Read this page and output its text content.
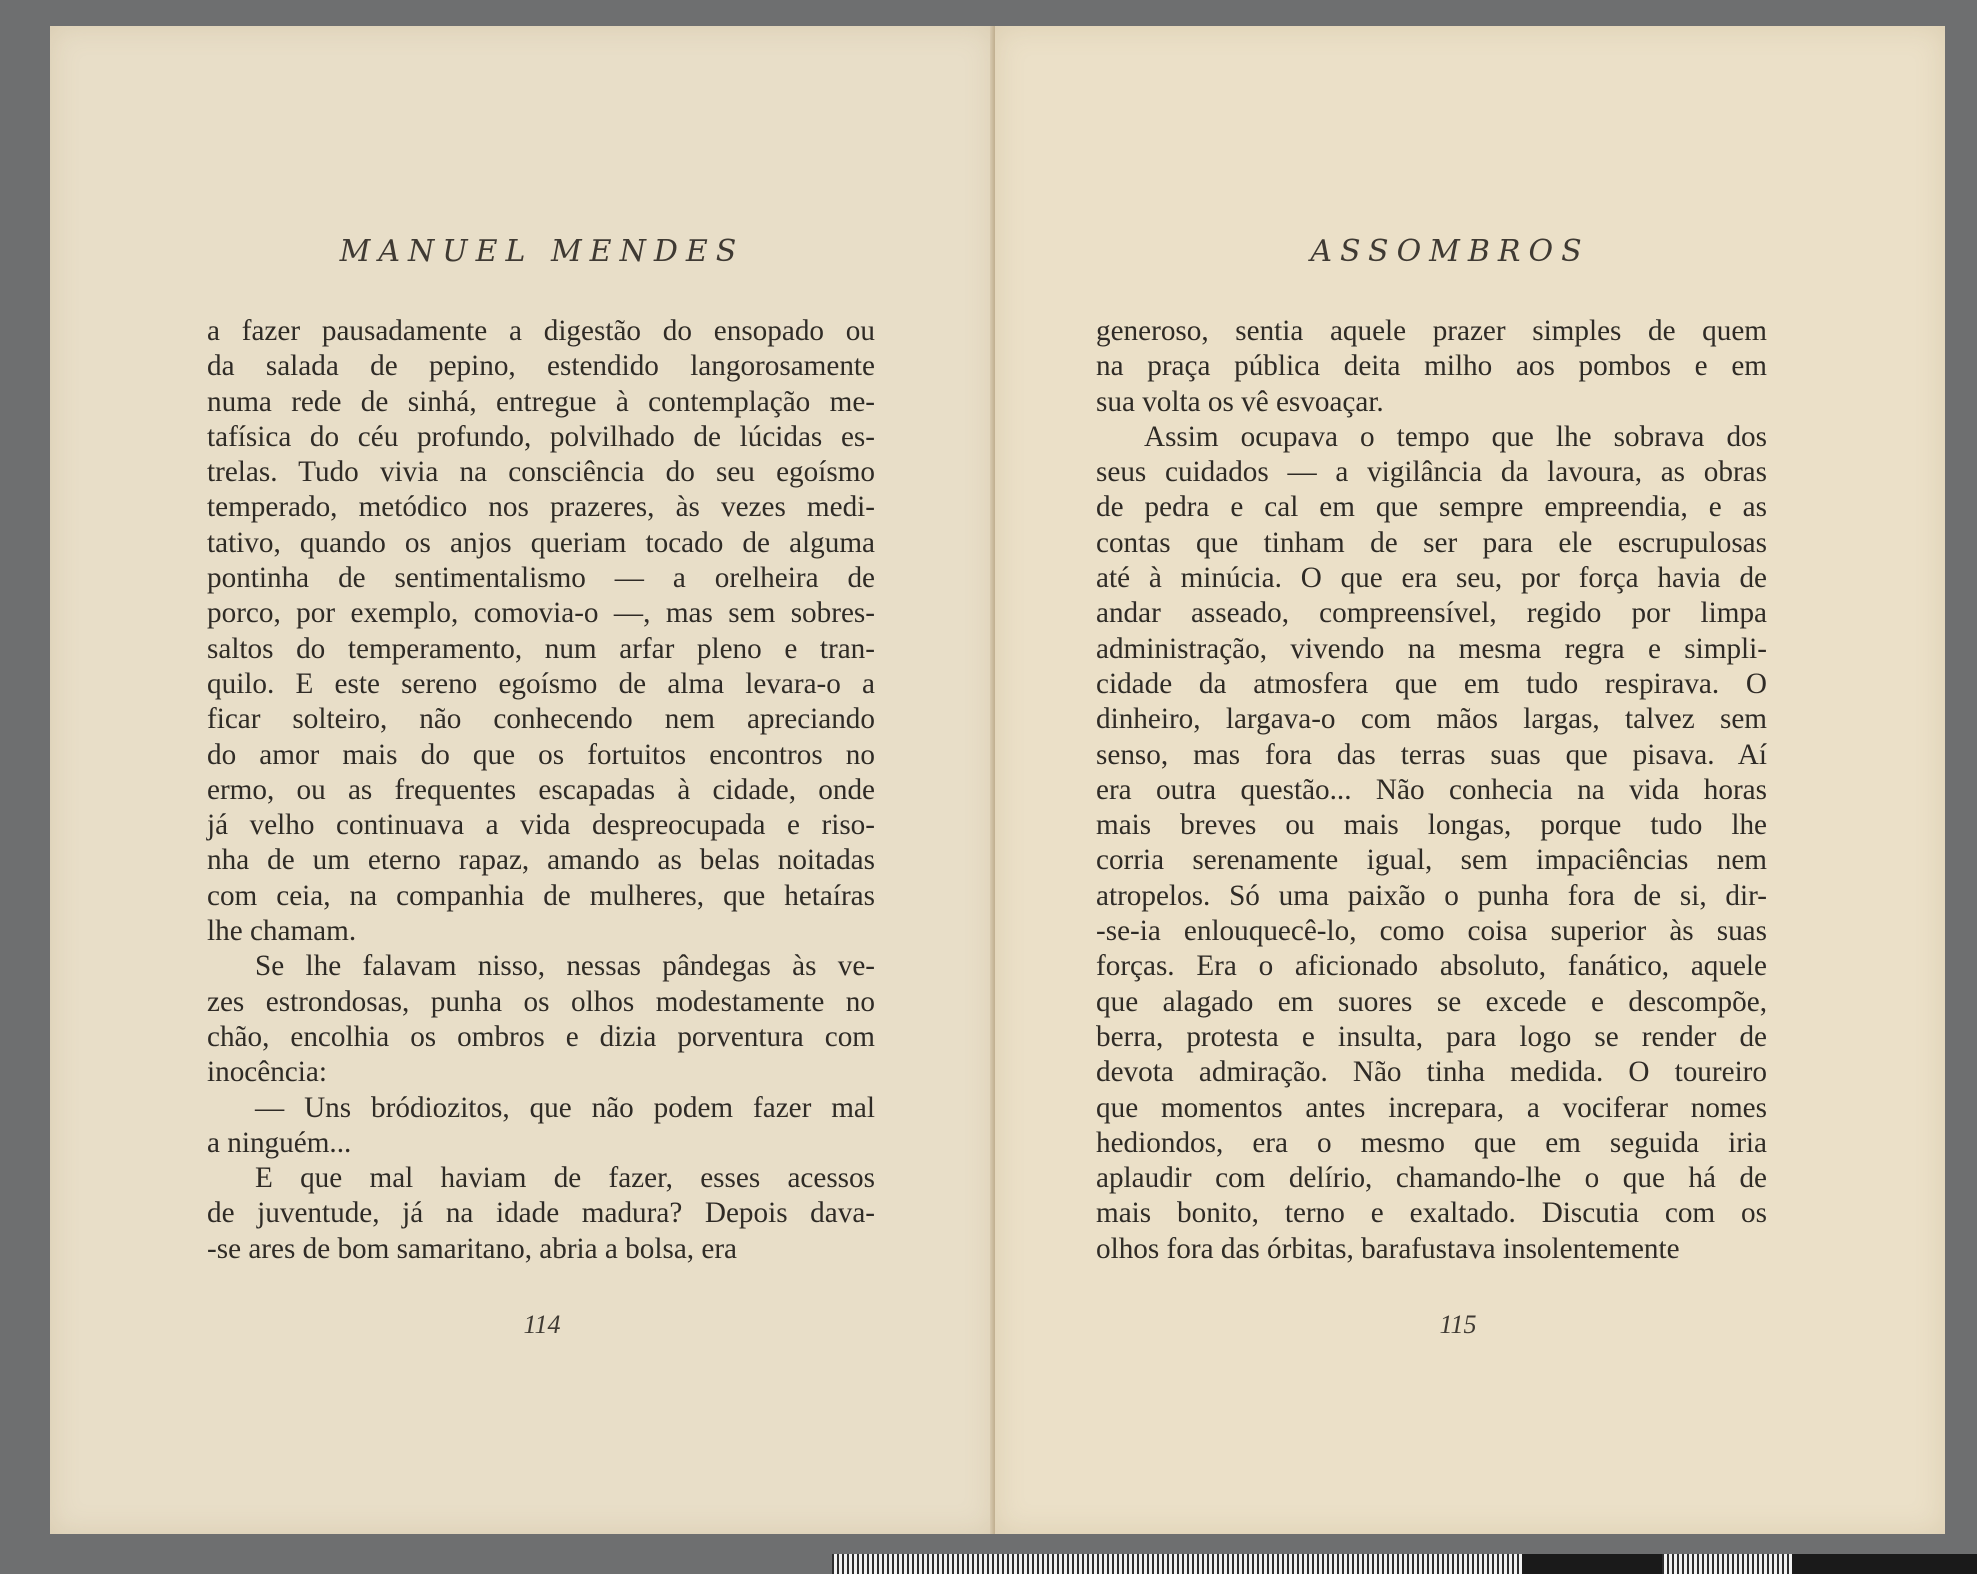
MANUEL MENDES
a fazer pausadamente a digestão do ensopado ou
da salada de pepino, estendido langorosamente
numa rede de sinhá, entregue à contemplação me-
tafísica do céu profundo, polvilhado de lúcidas es-
trelas. Tudo vivia na consciência do seu egoísmo
temperado, metódico nos prazeres, às vezes medi-
tativo, quando os anjos queriam tocado de alguma
pontinha de sentimentalismo — a orelheira de
porco, por exemplo, comovia-o —, mas sem sobres-
saltos do temperamento, num arfar pleno e tran-
quilo. E este sereno egoísmo de alma levara-o a
ficar solteiro, não conhecendo nem apreciando
do amor mais do que os fortuitos encontros no
ermo, ou as frequentes escapadas à cidade, onde
já velho continuava a vida despreocupada e riso-
nha de um eterno rapaz, amando as belas noitadas
com ceia, na companhia de mulheres, que hetaíras
lhe chamam.
Se lhe falavam nisso, nessas pândegas às ve-
zes estrondosas, punha os olhos modestamente no
chão, encolhia os ombros e dizia porventura com
inocência:
— Uns bródiozitos, que não podem fazer mal
a ninguém...
E que mal haviam de fazer, esses acessos
de juventude, já na idade madura? Depois dava-
-se ares de bom samaritano, abria a bolsa, era
114
ASSOMBROS
generoso, sentia aquele prazer simples de quem
na praça pública deita milho aos pombos e em
sua volta os vê esvoaçar.
Assim ocupava o tempo que lhe sobrava dos
seus cuidados — a vigilância da lavoura, as obras
de pedra e cal em que sempre empreendia, e as
contas que tinham de ser para ele escrupulosas
até à minúcia. O que era seu, por força havia de
andar asseado, compreensível, regido por limpa
administração, vivendo na mesma regra e simpli-
cidade da atmosfera que em tudo respirava. O
dinheiro, largava-o com mãos largas, talvez sem
senso, mas fora das terras suas que pisava. Aí
era outra questão... Não conhecia na vida horas
mais breves ou mais longas, porque tudo lhe
corria serenamente igual, sem impaciências nem
atropelos. Só uma paixão o punha fora de si, dir-
-se-ia enlouquecê-lo, como coisa superior às suas
forças. Era o aficionado absoluto, fanático, aquele
que alagado em suores se excede e descompõe,
berra, protesta e insulta, para logo se render de
devota admiração. Não tinha medida. O toureiro
que momentos antes increpara, a vociferar nomes
hediondos, era o mesmo que em seguida iria
aplaudir com delírio, chamando-lhe o que há de
mais bonito, terno e exaltado. Discutia com os
olhos fora das órbitas, barafustava insolentemente
115
